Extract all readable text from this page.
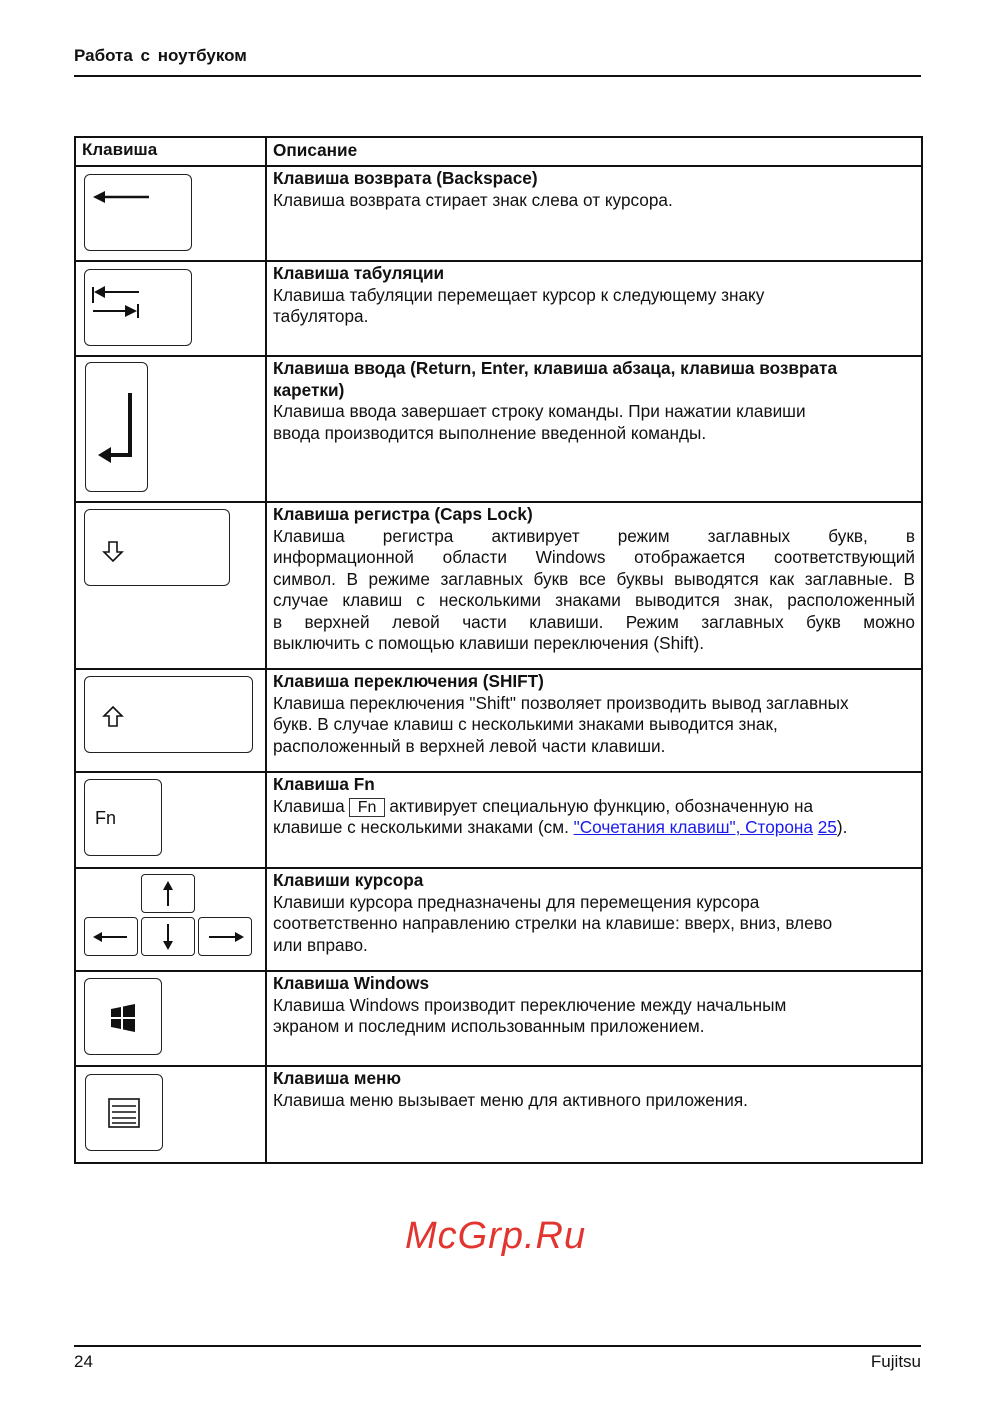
Работа с ноутбуком
Клавиша	Описание
Клавиша возврата (Backspace)
Клавиша возврата стирает знак слева от курсора.
Клавиша табуляции
Клавиша табуляции перемещает курсор к следующему знаку
табулятора.
Клавиша ввода (Return, Enter, клавиша абзаца, клавиша возврата
каретки)
Клавиша ввода завершает строку команды. При нажатии клавиши
ввода производится выполнение введенной команды.
Клавиша регистра (Caps Lock)
Клавиша регистра активирует режим заглавных букв, в
информационной области Windows отображается соответствующий
символ. В режиме заглавных букв все буквы выводятся как заглавные. В
случае клавиш с несколькими знаками выводится знак, расположенный
в верхней левой части клавиши. Режим заглавных букв можно
выключить с помощью клавиши переключения (Shift).
Клавиша переключения (SHIFT)
Клавиша переключения "Shift" позволяет производить вывод заглавных
букв. В случае клавиш с несколькими знаками выводится знак,
расположенный в верхней левой части клавиши.
Fn
Клавиша Fn
Клавиша Fn активирует специальную функцию, обозначенную на
клавише с несколькими знаками (см. "Сочетания клавиш", Сторона 25).
Клавиши курсора
Клавиши курсора предназначены для перемещения курсора
соответственно направлению стрелки на клавише: вверх, вниз, влево
или вправо.
Клавиша Windows
Клавиша Windows производит переключение между начальным
экраном и последним использованным приложением.
Клавиша меню
Клавиша меню вызывает меню для активного приложения.
McGrp.Ru
24	Fujitsu
